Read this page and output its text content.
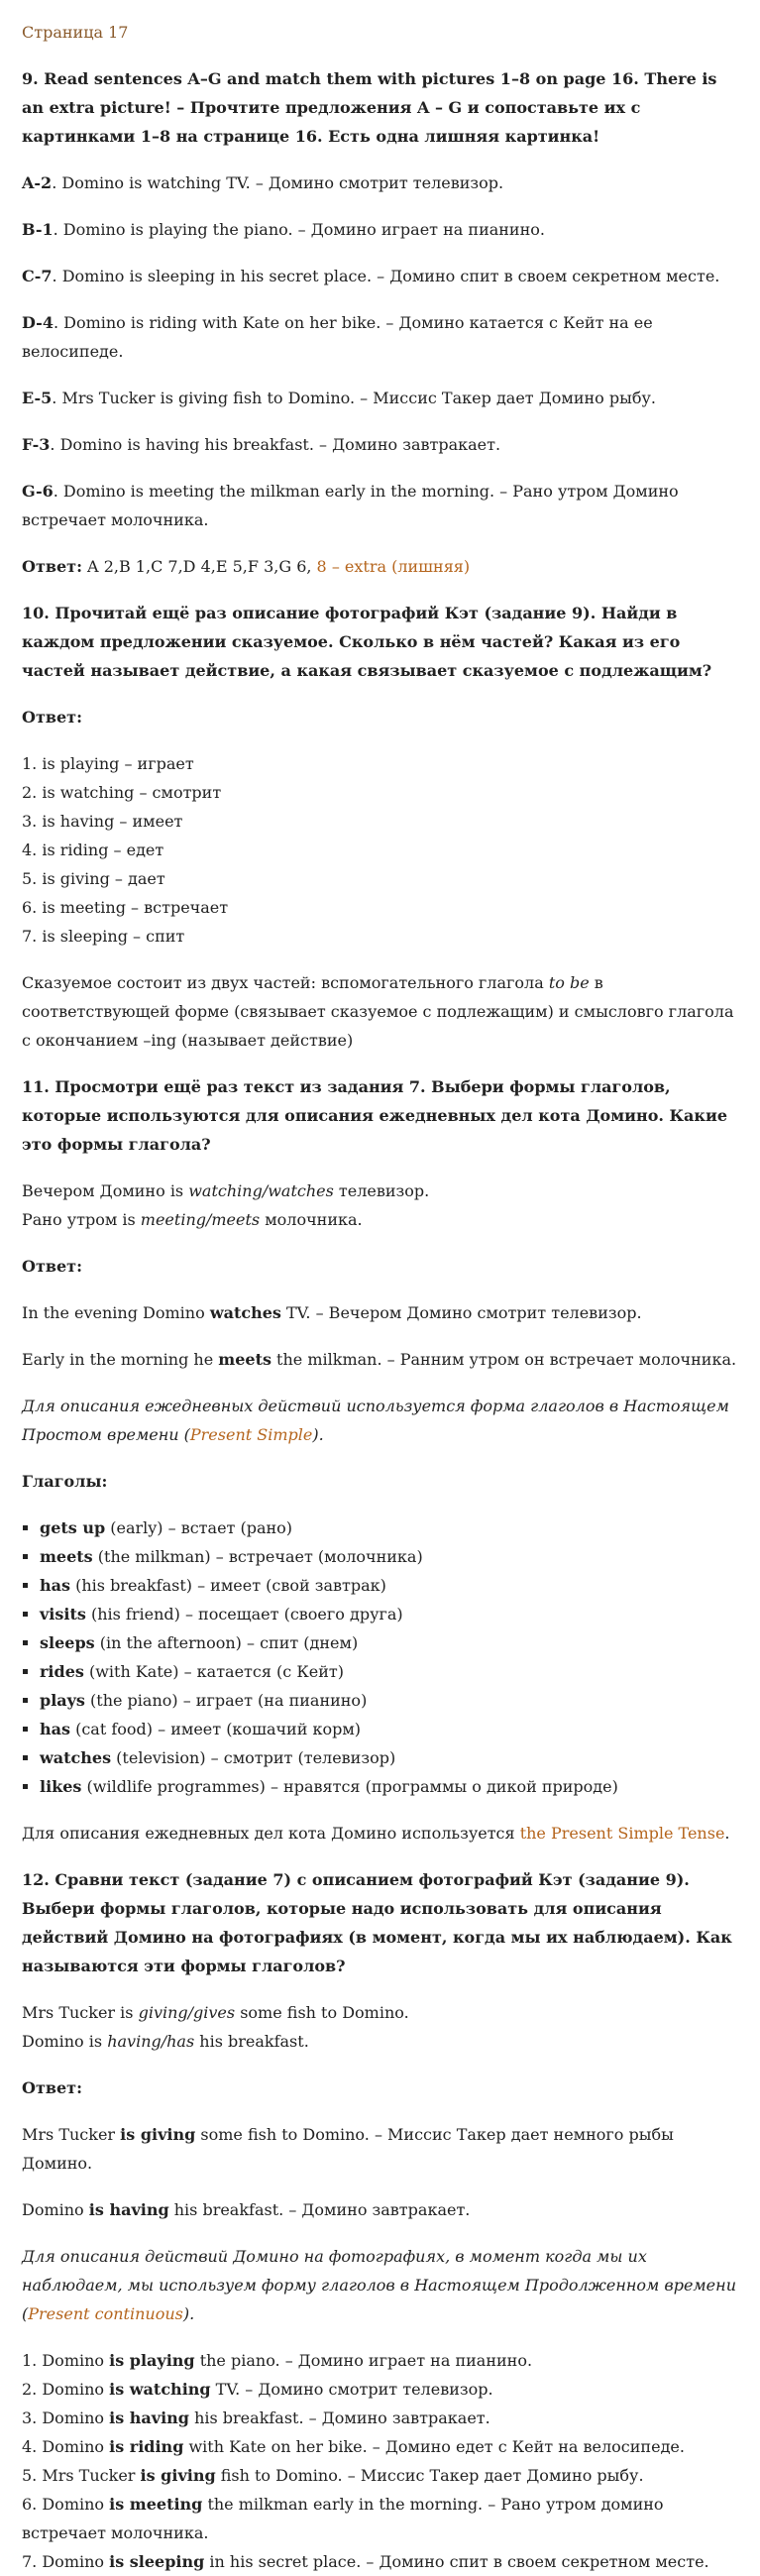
Страница 17

9. Read sentences A–G and match them with pictures 1–8 on page 16. There is an extra picture! – Прочтите предложения A – G и сопоставьте их с картинками 1–8 на странице 16. Есть одна лишняя картинка!

A-2. Domino is watching TV. – Домино смотрит телевизор.

B-1. Domino is playing the piano. – Домино играет на пианино.

C-7. Domino is sleeping in his secret place. – Домино спит в своем секретном месте.

D-4. Domino is riding with Kate on her bike. – Домино катается с Кейт на ее велосипеде.

E-5. Mrs Tucker is giving fish to Domino. – Миссис Такер дает Домино рыбу.

F-3. Domino is having his breakfast. – Домино завтракает.

G-6. Domino is meeting the milkman early in the morning. – Рано утром Домино встречает молочника.

Ответ: A 2,B 1,C 7,D 4,E 5,F 3,G 6, 8 – extra (лишняя)

10. Прочитай ещё раз описание фотографий Кэт (задание 9). Найди в каждом предложении сказуемое. Сколько в нём частей? Какая из его частей называет действие, а какая связывает сказуемое с подлежащим?

Ответ:

1. is playing – играет
2. is watching – смотрит
3. is having – имеет
4. is riding – едет
5. is giving – дает
6. is meeting – встречает
7. is sleeping – спит

Сказуемое состоит из двух частей: вспомогательного глагола to be в соответствующей форме (связывает сказуемое с подлежащим) и смысловго глагола с окончанием –ing (называет действие)

11. Просмотри ещё раз текст из задания 7. Выбери формы глаголов, которые используются для описания ежедневных дел кота Домино. Какие это формы глагола?

Вечером Домино is watching/watches телевизор.
Рано утром is meeting/meets молочника.

Ответ:

In the evening Domino watches TV. – Вечером Домино смотрит телевизор.

Early in the morning he meets the milkman. – Ранним утром он встречает молочника.

Для описания ежедневных действий используется форма глаголов в Настоящем Простом времени (Present Simple).

Глаголы:

▪ gets up (early) – встает (рано)
▪ meets (the milkman) – встречает (молочника)
▪ has (his breakfast) – имеет (свой завтрак)
▪ visits (his friend) – посещает (своего друга)
▪ sleeps (in the afternoon) – спит (днем)
▪ rides (with Kate) – катается (с Кейт)
▪ plays (the piano) – играет (на пианино)
▪ has (cat food) – имеет (кошачий корм)
▪ watches (television) – смотрит (телевизор)
▪ likes (wildlife programmes) – нравятся (программы о дикой природе)

Для описания ежедневных дел кота Домино используется the Present Simple Tense.

12. Сравни текст (задание 7) с описанием фотографий Кэт (задание 9). Выбери формы глаголов, которые надо использовать для описания действий Домино на фотографиях (в момент, когда мы их наблюдаем). Как называются эти формы глаголов?

Mrs Tucker is giving/gives some fish to Domino.
Domino is having/has his breakfast.

Ответ:

Mrs Tucker is giving some fish to Domino. – Миссис Такер дает немного рыбы Домино.

Domino is having his breakfast. – Домино завтракает.

Для описания действий Домино на фотографиях, в момент когда мы их наблюдаем, мы используем форму глаголов в Настоящем Продолженном времени (Present continuous).

1. Domino is playing the piano. – Домино играет на пианино.
2. Domino is watching TV. – Домино смотрит телевизор.
3. Domino is having his breakfast. – Домино завтракает.
4. Domino is riding with Kate on her bike. – Домино едет с Кейт на велосипеде.
5. Mrs Tucker is giving fish to Domino. – Миссис Такер дает Домино рыбу.
6. Domino is meeting the milkman early in the morning. – Рано утром домино встречает молочника.
7. Domino is sleeping in his secret place. – Домино спит в своем секретном месте.
